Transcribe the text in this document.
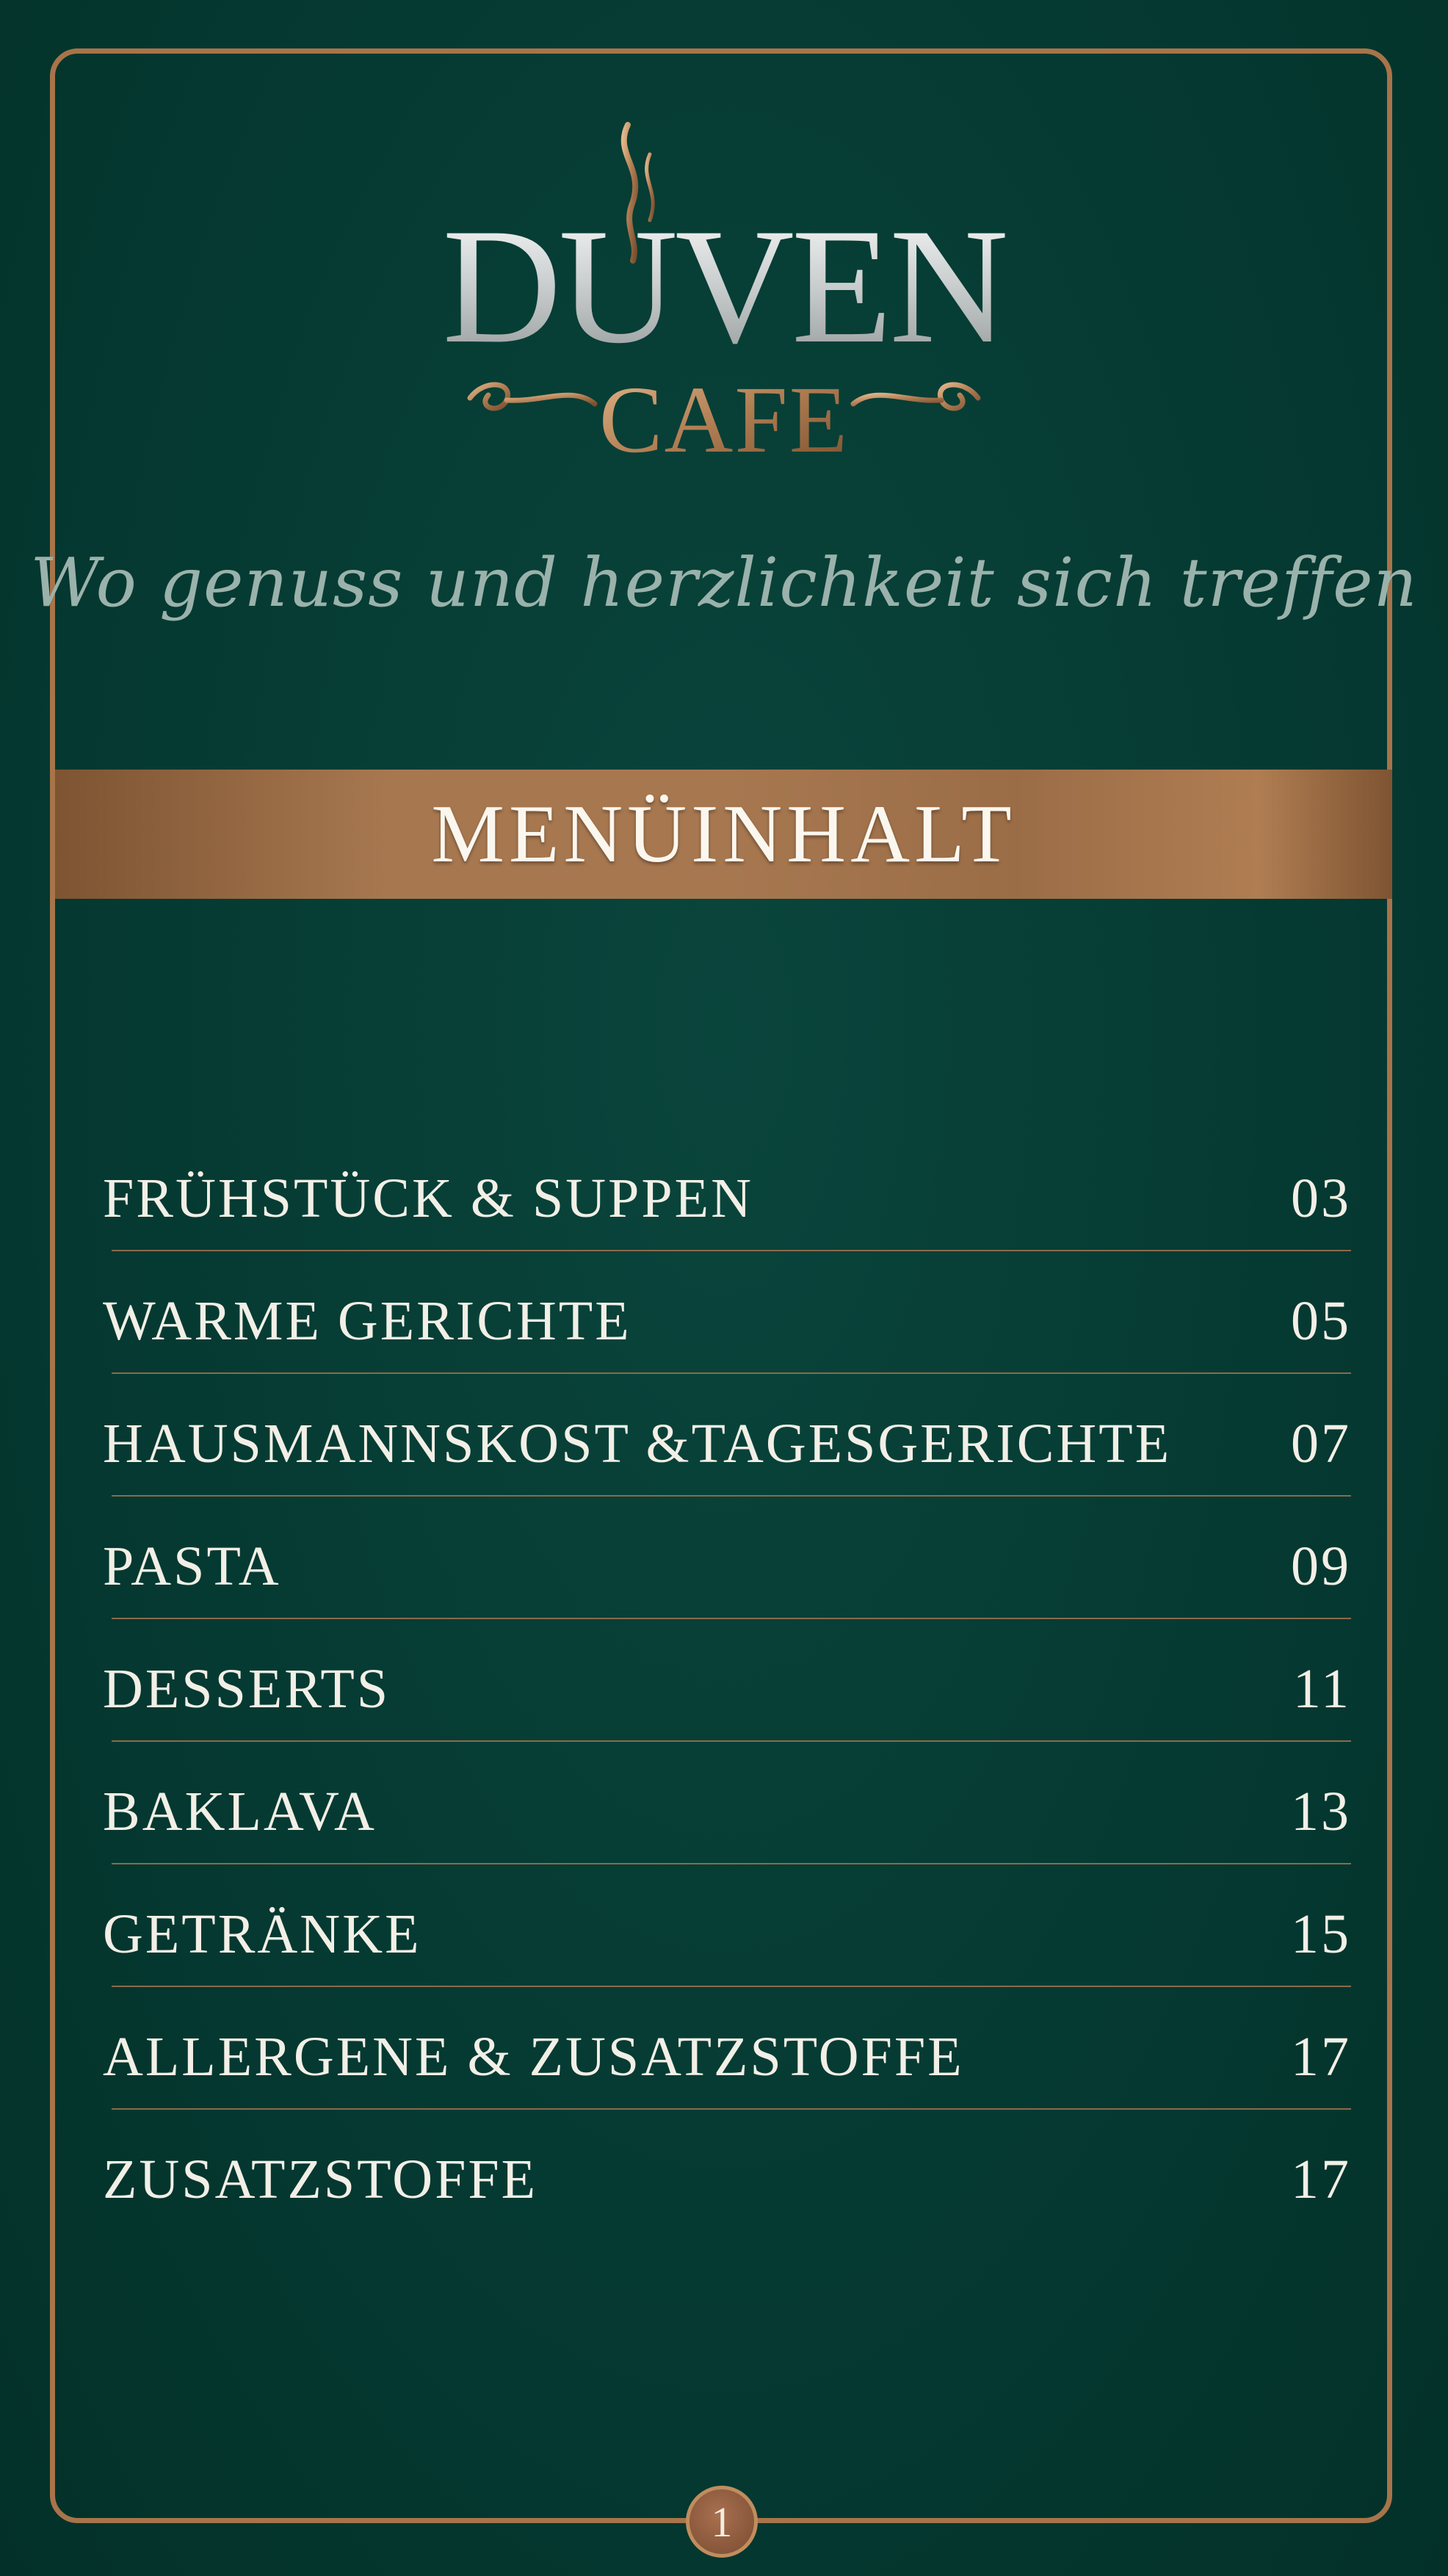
DUVEN
CAFE
Wo genuss und herzlichkeit sich treffen
MENÜINHALT
FRÜHSTÜCK & SUPPEN	03
WARME GERICHTE	05
HAUSMANNSKOST &TAGESGERICHTE 07
PASTA	09
DESSERTS	11
BAKLAVA	13
GETRÄNKE	15
ALLERGENE & ZUSATZSTOFFE	17
ZUSATZSTOFFE	17
1
